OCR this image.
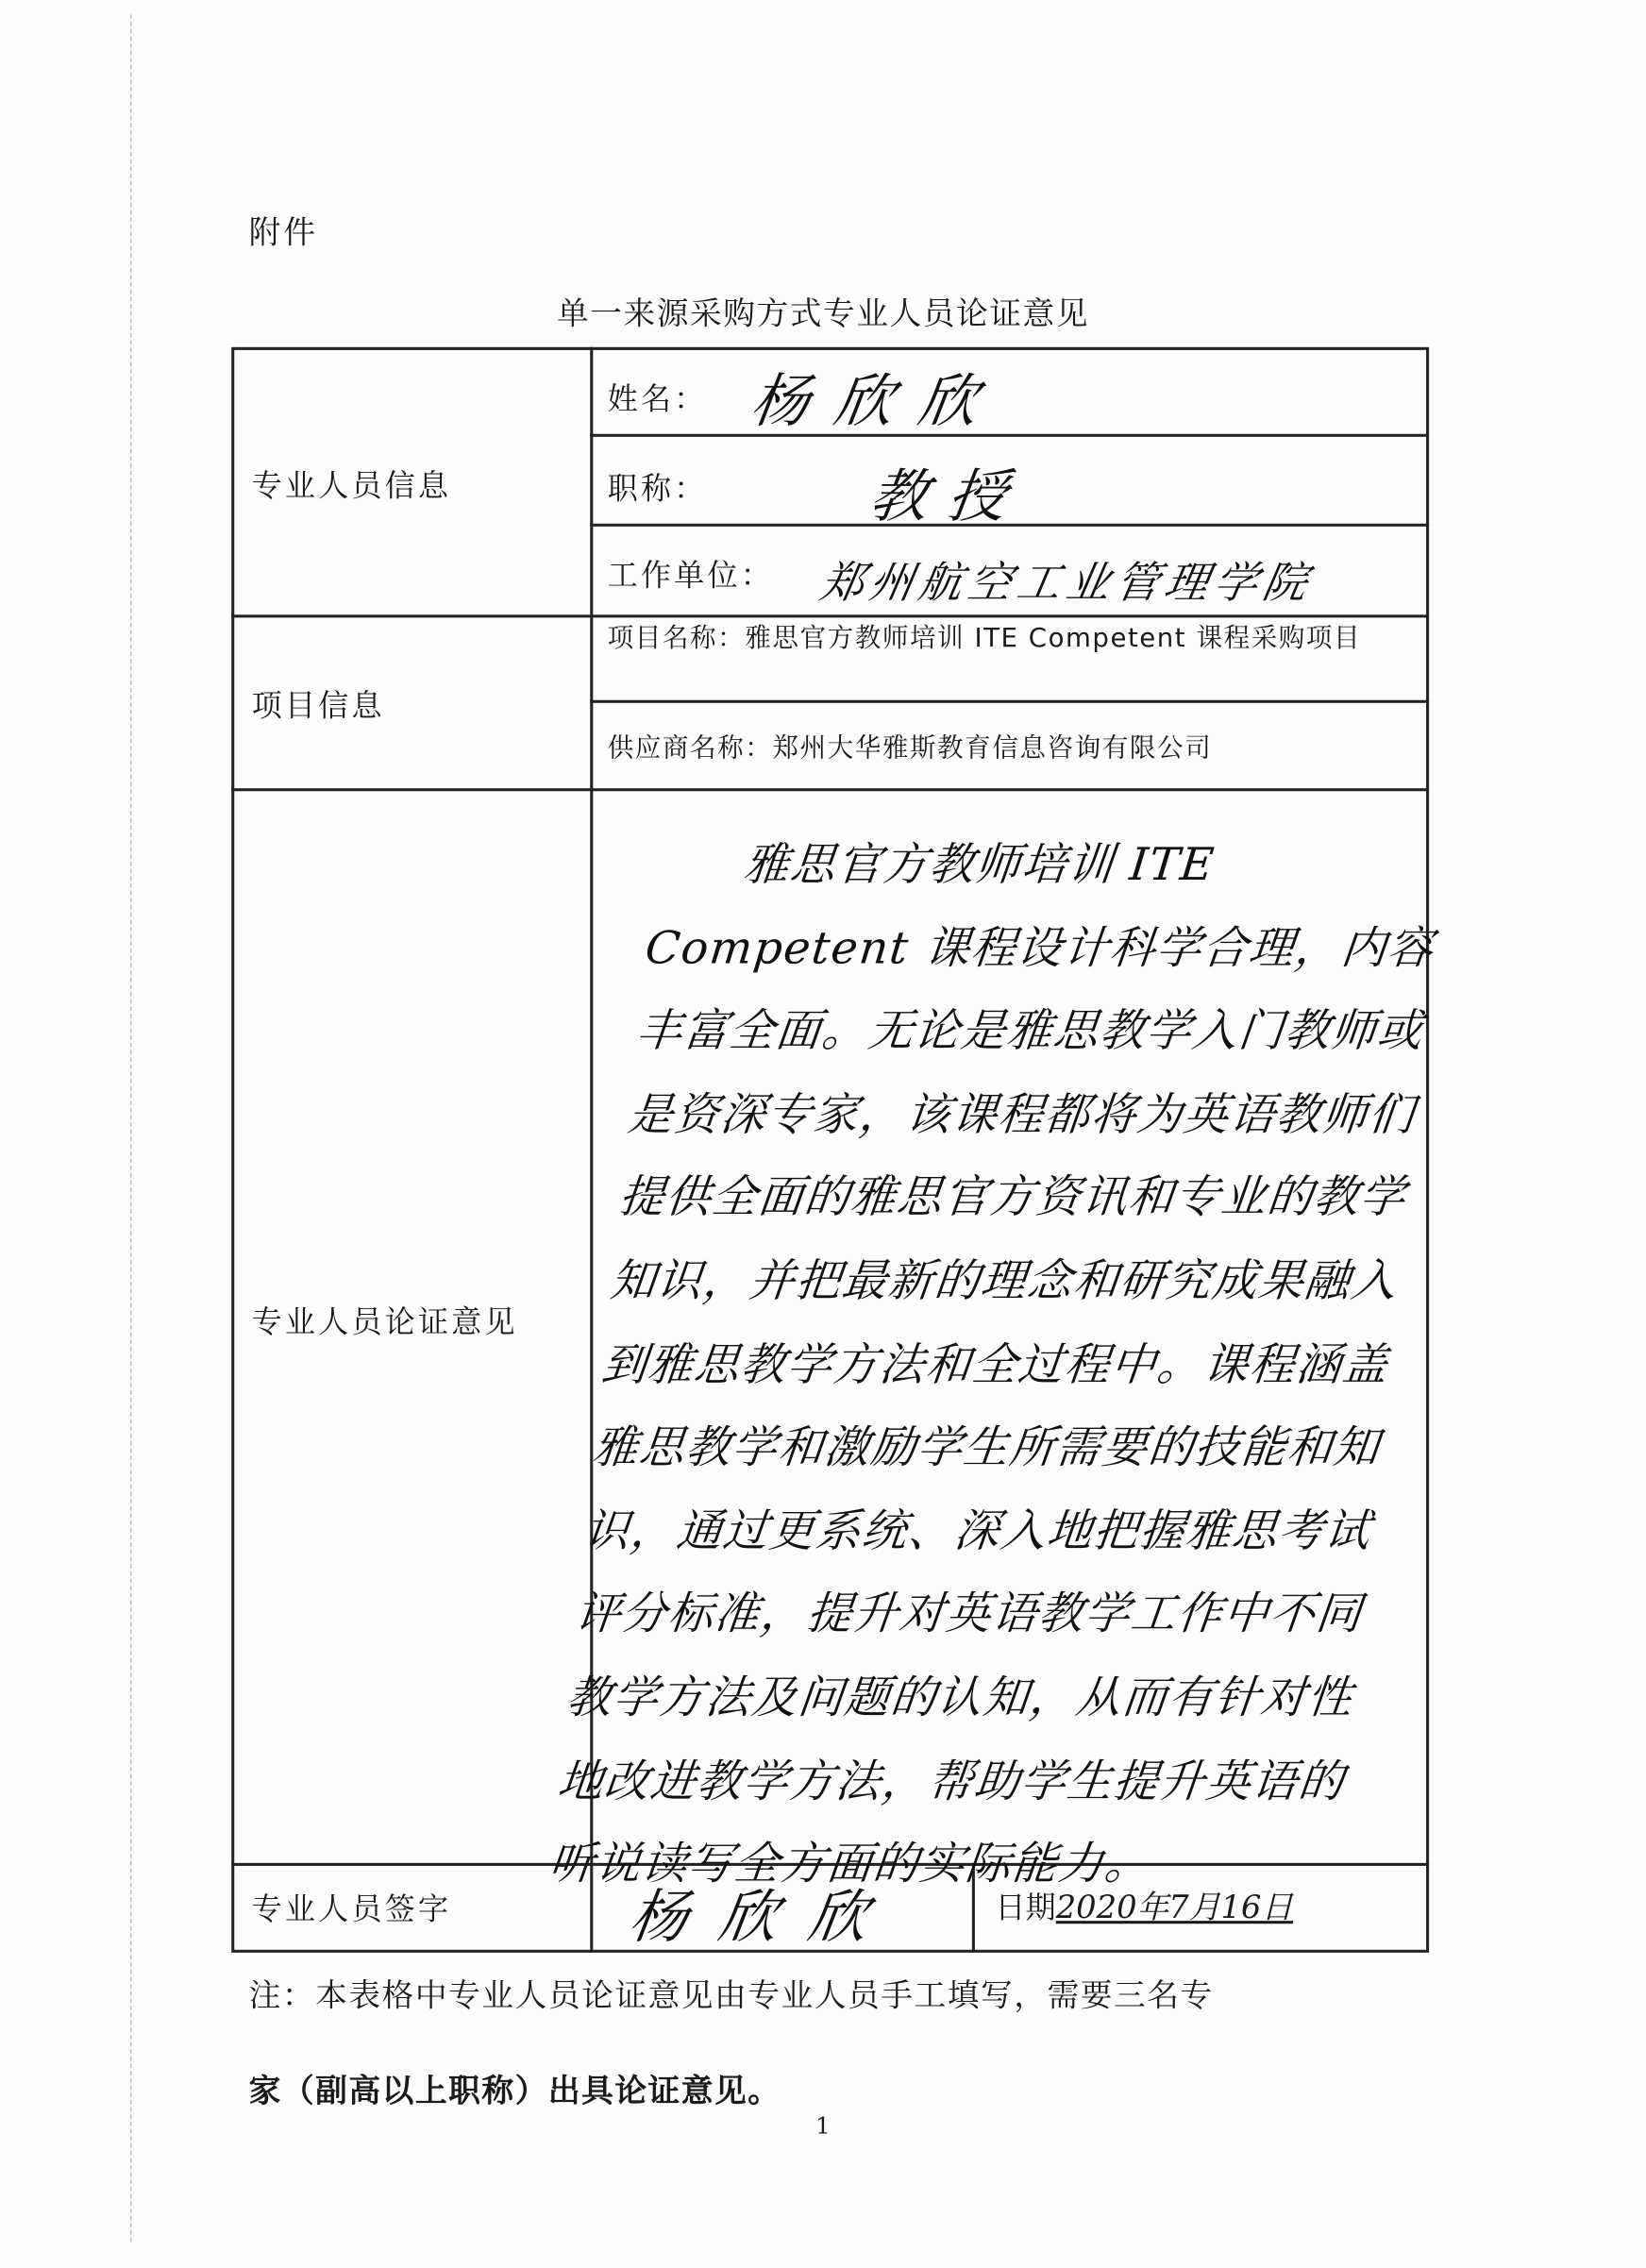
附件
单一来源采购方式专业人员论证意见
专业人员信息
项目信息
专业人员论证意见
专业人员签字
姓名： 杨欣欣
职称：	教授
工作单位： 郑州航空工业管理学院
项目名称：雅思官方教师培训 ITE Competent 课程采购项目
供应商名称：郑州大华雅斯教育信息咨询有限公司

雅思官方教师培训 ITE Competent 课程设计科学合理，内容丰富全面。无论是雅思教学入门教师或是资深专家，该课程都将为英语教师们提供全面的雅思官方资讯和专业的教学知识，并把最新的理念和研究成果融入到雅思教学方法和全过程中。课程涵盖雅思教学和激励学生所需要的技能和知识，通过更系统、深入地把握雅思考试评分标准，提升对英语教学工作中不同教学方法及问题的认知，从而有针对性地改进教学方法，帮助学生提升英语的听说读写全方面的实际能力。

杨欣欣	日期2020年7月16日
注：本表格中专业人员论证意见由专业人员手工填写，需要三名专
家（副高以上职称）出具论证意见。
1
